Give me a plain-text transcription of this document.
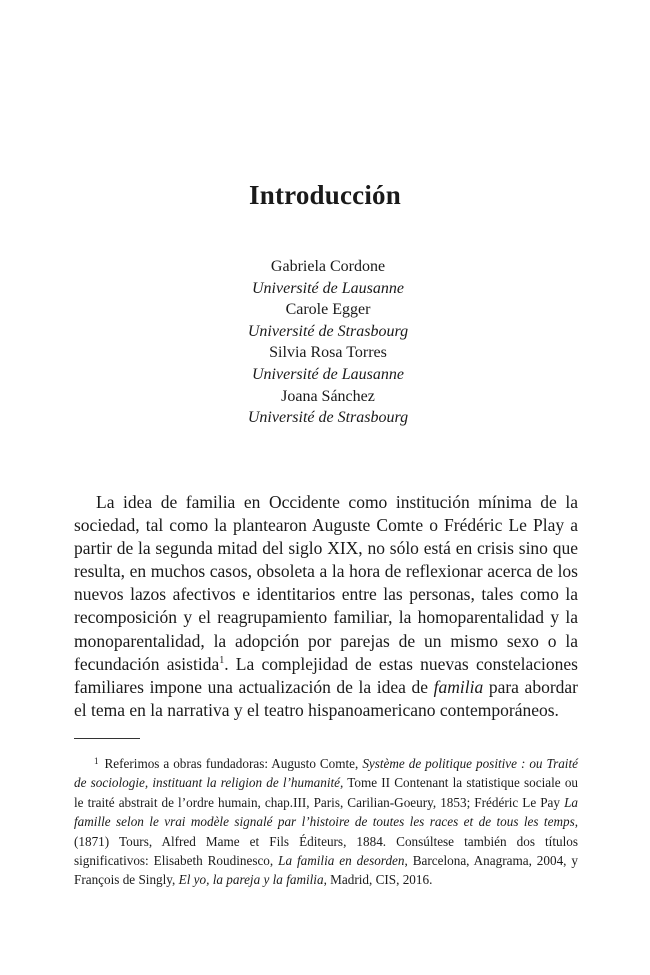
Introducción
Gabriela Cordone
Université de Lausanne
Carole Egger
Université de Strasbourg
Silvia Rosa Torres
Université de Lausanne
Joana Sánchez
Université de Strasbourg

La idea de familia en Occidente como institución mínima de la sociedad, tal como la plantearon Auguste Comte o Frédéric Le Play a partir de la segunda mitad del siglo XIX, no sólo está en crisis sino que resulta, en muchos casos, obsoleta a la hora de reflexionar acerca de los nuevos lazos afectivos e identitarios entre las personas, tales como la recomposición y el reagrupamiento familiar, la homoparentalidad y la monoparentalidad, la adopción por parejas de un mismo sexo o la fecundación asistida$^1$. La complejidad de estas nuevas constelaciones familiares impone una actualización de la idea de familia para abordar el tema en la narrativa y el teatro hispanoamericano contemporáneos.

$^1$ Referimos a obras fundadoras: Augusto Comte, Système de politique positive : ou Traité de sociologie, instituant la religion de l’humanité, Tome II Contenant la statistique sociale ou le traité abstrait de l’ordre humain, chap.III, Paris, Carilian-Goeury, 1853; Frédéric Le Pay La famille selon le vrai modèle signalé par l’histoire de toutes les races et de tous les temps, (1871) Tours, Alfred Mame et Fils Éditeurs, 1884. Consúltese también dos títulos significativos: Elisabeth Roudinesco, La familia en desorden, Barcelona, Anagrama, 2004, y François de Singly, El yo, la pareja y la familia, Madrid, CIS, 2016.
